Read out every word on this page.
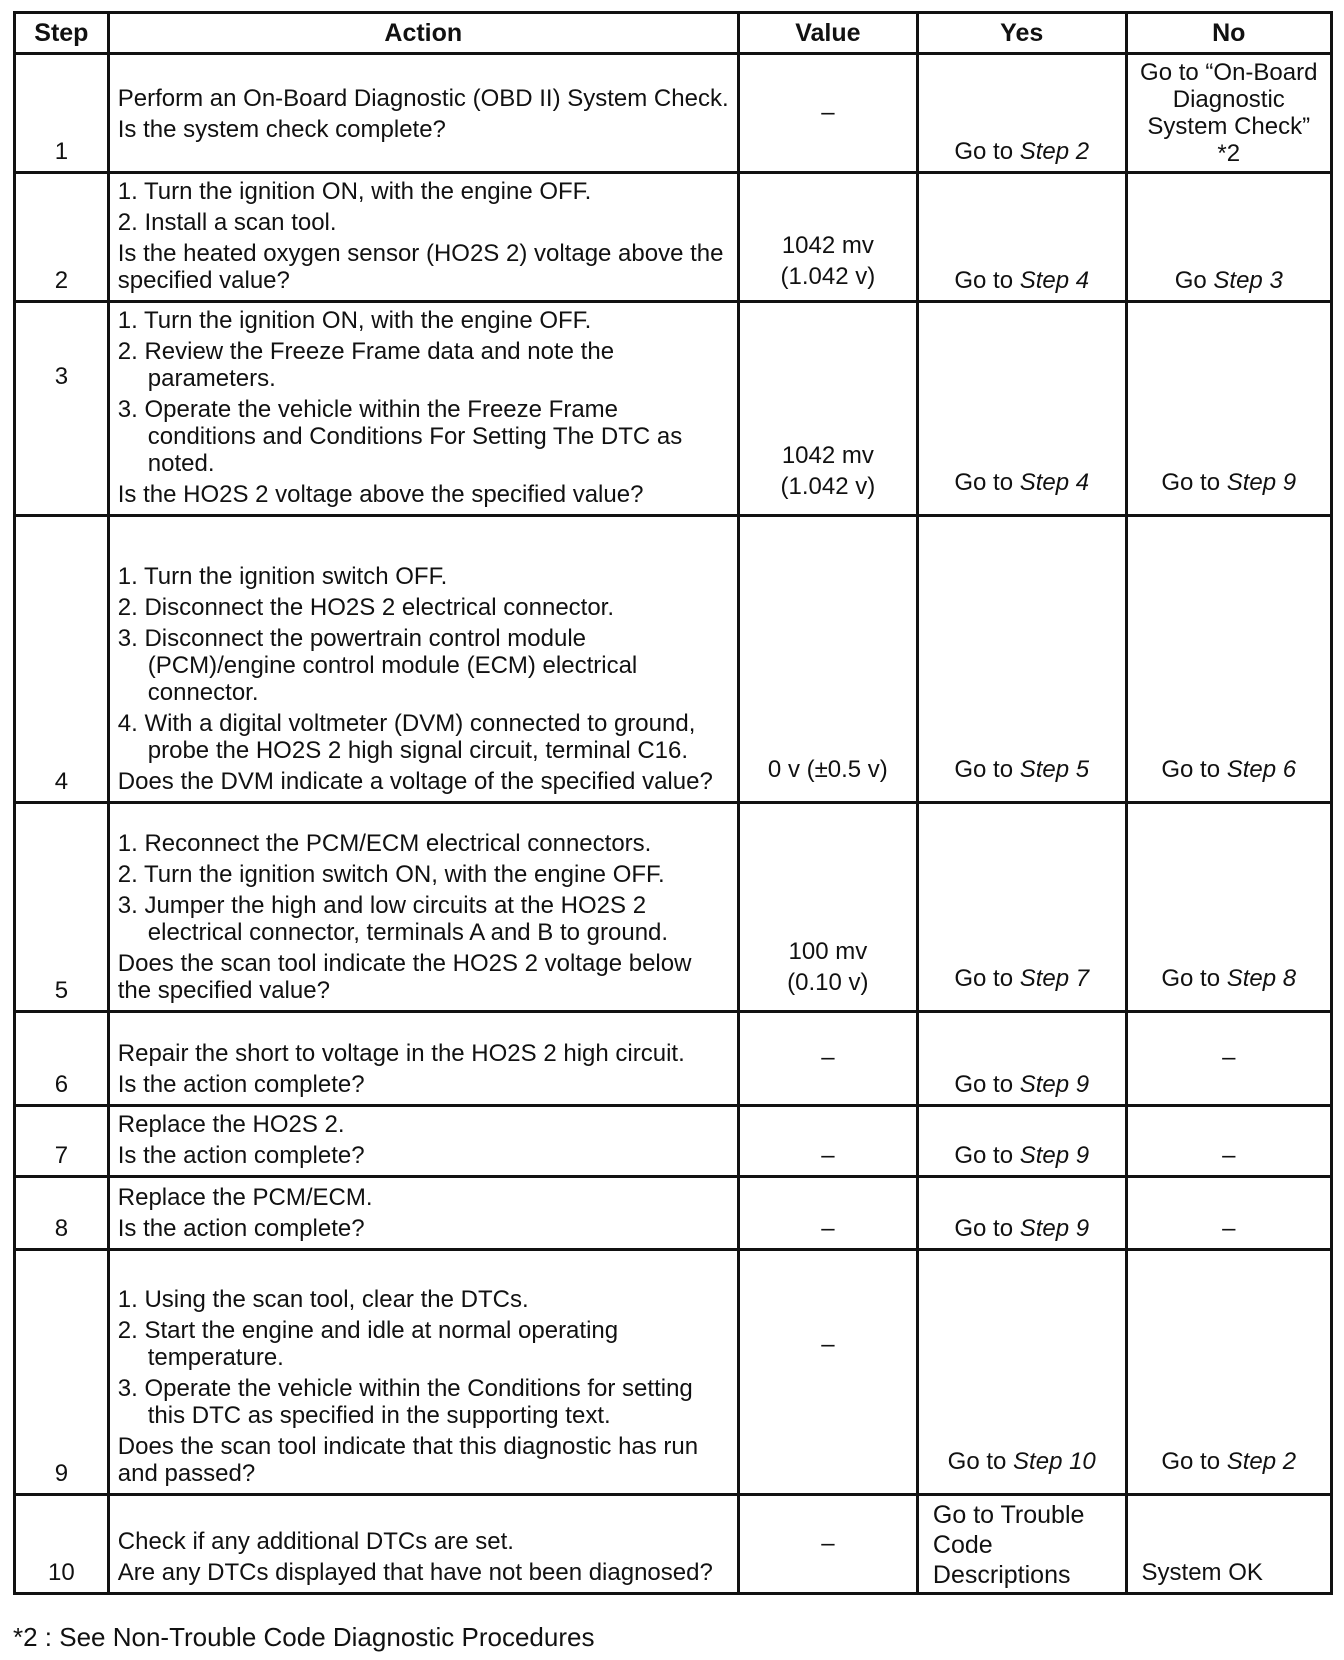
Step	Action	Value	Yes	No
1	Perform an On-Board Diagnostic (OBD II) System Check.
Is the system check complete?	–	Go to Step 2	Go to “On-Board Diagnostic System Check” *2
2	1. Turn the ignition ON, with the engine OFF.
2. Install a scan tool.
Is the heated oxygen sensor (HO2S 2) voltage above the specified value?	1042 mv
(1.042 v)	Go to Step 4	Go Step 3
3	1. Turn the ignition ON, with the engine OFF.
2. Review the Freeze Frame data and note the parameters.
3. Operate the vehicle within the Freeze Frame conditions and Conditions For Setting The DTC as noted.
Is the HO2S 2 voltage above the specified value?	1042 mv
(1.042 v)	Go to Step 4	Go to Step 9
4	1. Turn the ignition switch OFF.
2. Disconnect the HO2S 2 electrical connector.
3. Disconnect the powertrain control module (PCM)/engine control module (ECM) electrical connector.
4. With a digital voltmeter (DVM) connected to ground, probe the HO2S 2 high signal circuit, terminal C16.
Does the DVM indicate a voltage of the specified value?	0 v (±0.5 v)	Go to Step 5	Go to Step 6
5	1. Reconnect the PCM/ECM electrical connectors.
2. Turn the ignition switch ON, with the engine OFF.
3. Jumper the high and low circuits at the HO2S 2 electrical connector, terminals A and B to ground.
Does the scan tool indicate the HO2S 2 voltage below the specified value?	100 mv
(0.10 v)	Go to Step 7	Go to Step 8
6	Repair the short to voltage in the HO2S 2 high circuit.
Is the action complete?	–	Go to Step 9	–
7	Replace the HO2S 2.
Is the action complete?	–	Go to Step 9	–
8	Replace the PCM/ECM.
Is the action complete?	–	Go to Step 9	–
9	1. Using the scan tool, clear the DTCs.
2. Start the engine and idle at normal operating temperature.
3. Operate the vehicle within the Conditions for setting this DTC as specified in the supporting text.
Does the scan tool indicate that this diagnostic has run and passed?	–	Go to Step 10	Go to Step 2
10	Check if any additional DTCs are set.
Are any DTCs displayed that have not been diagnosed?	–	Go to Trouble Code Descriptions	System OK
*2 : See Non-Trouble Code Diagnostic Procedures
